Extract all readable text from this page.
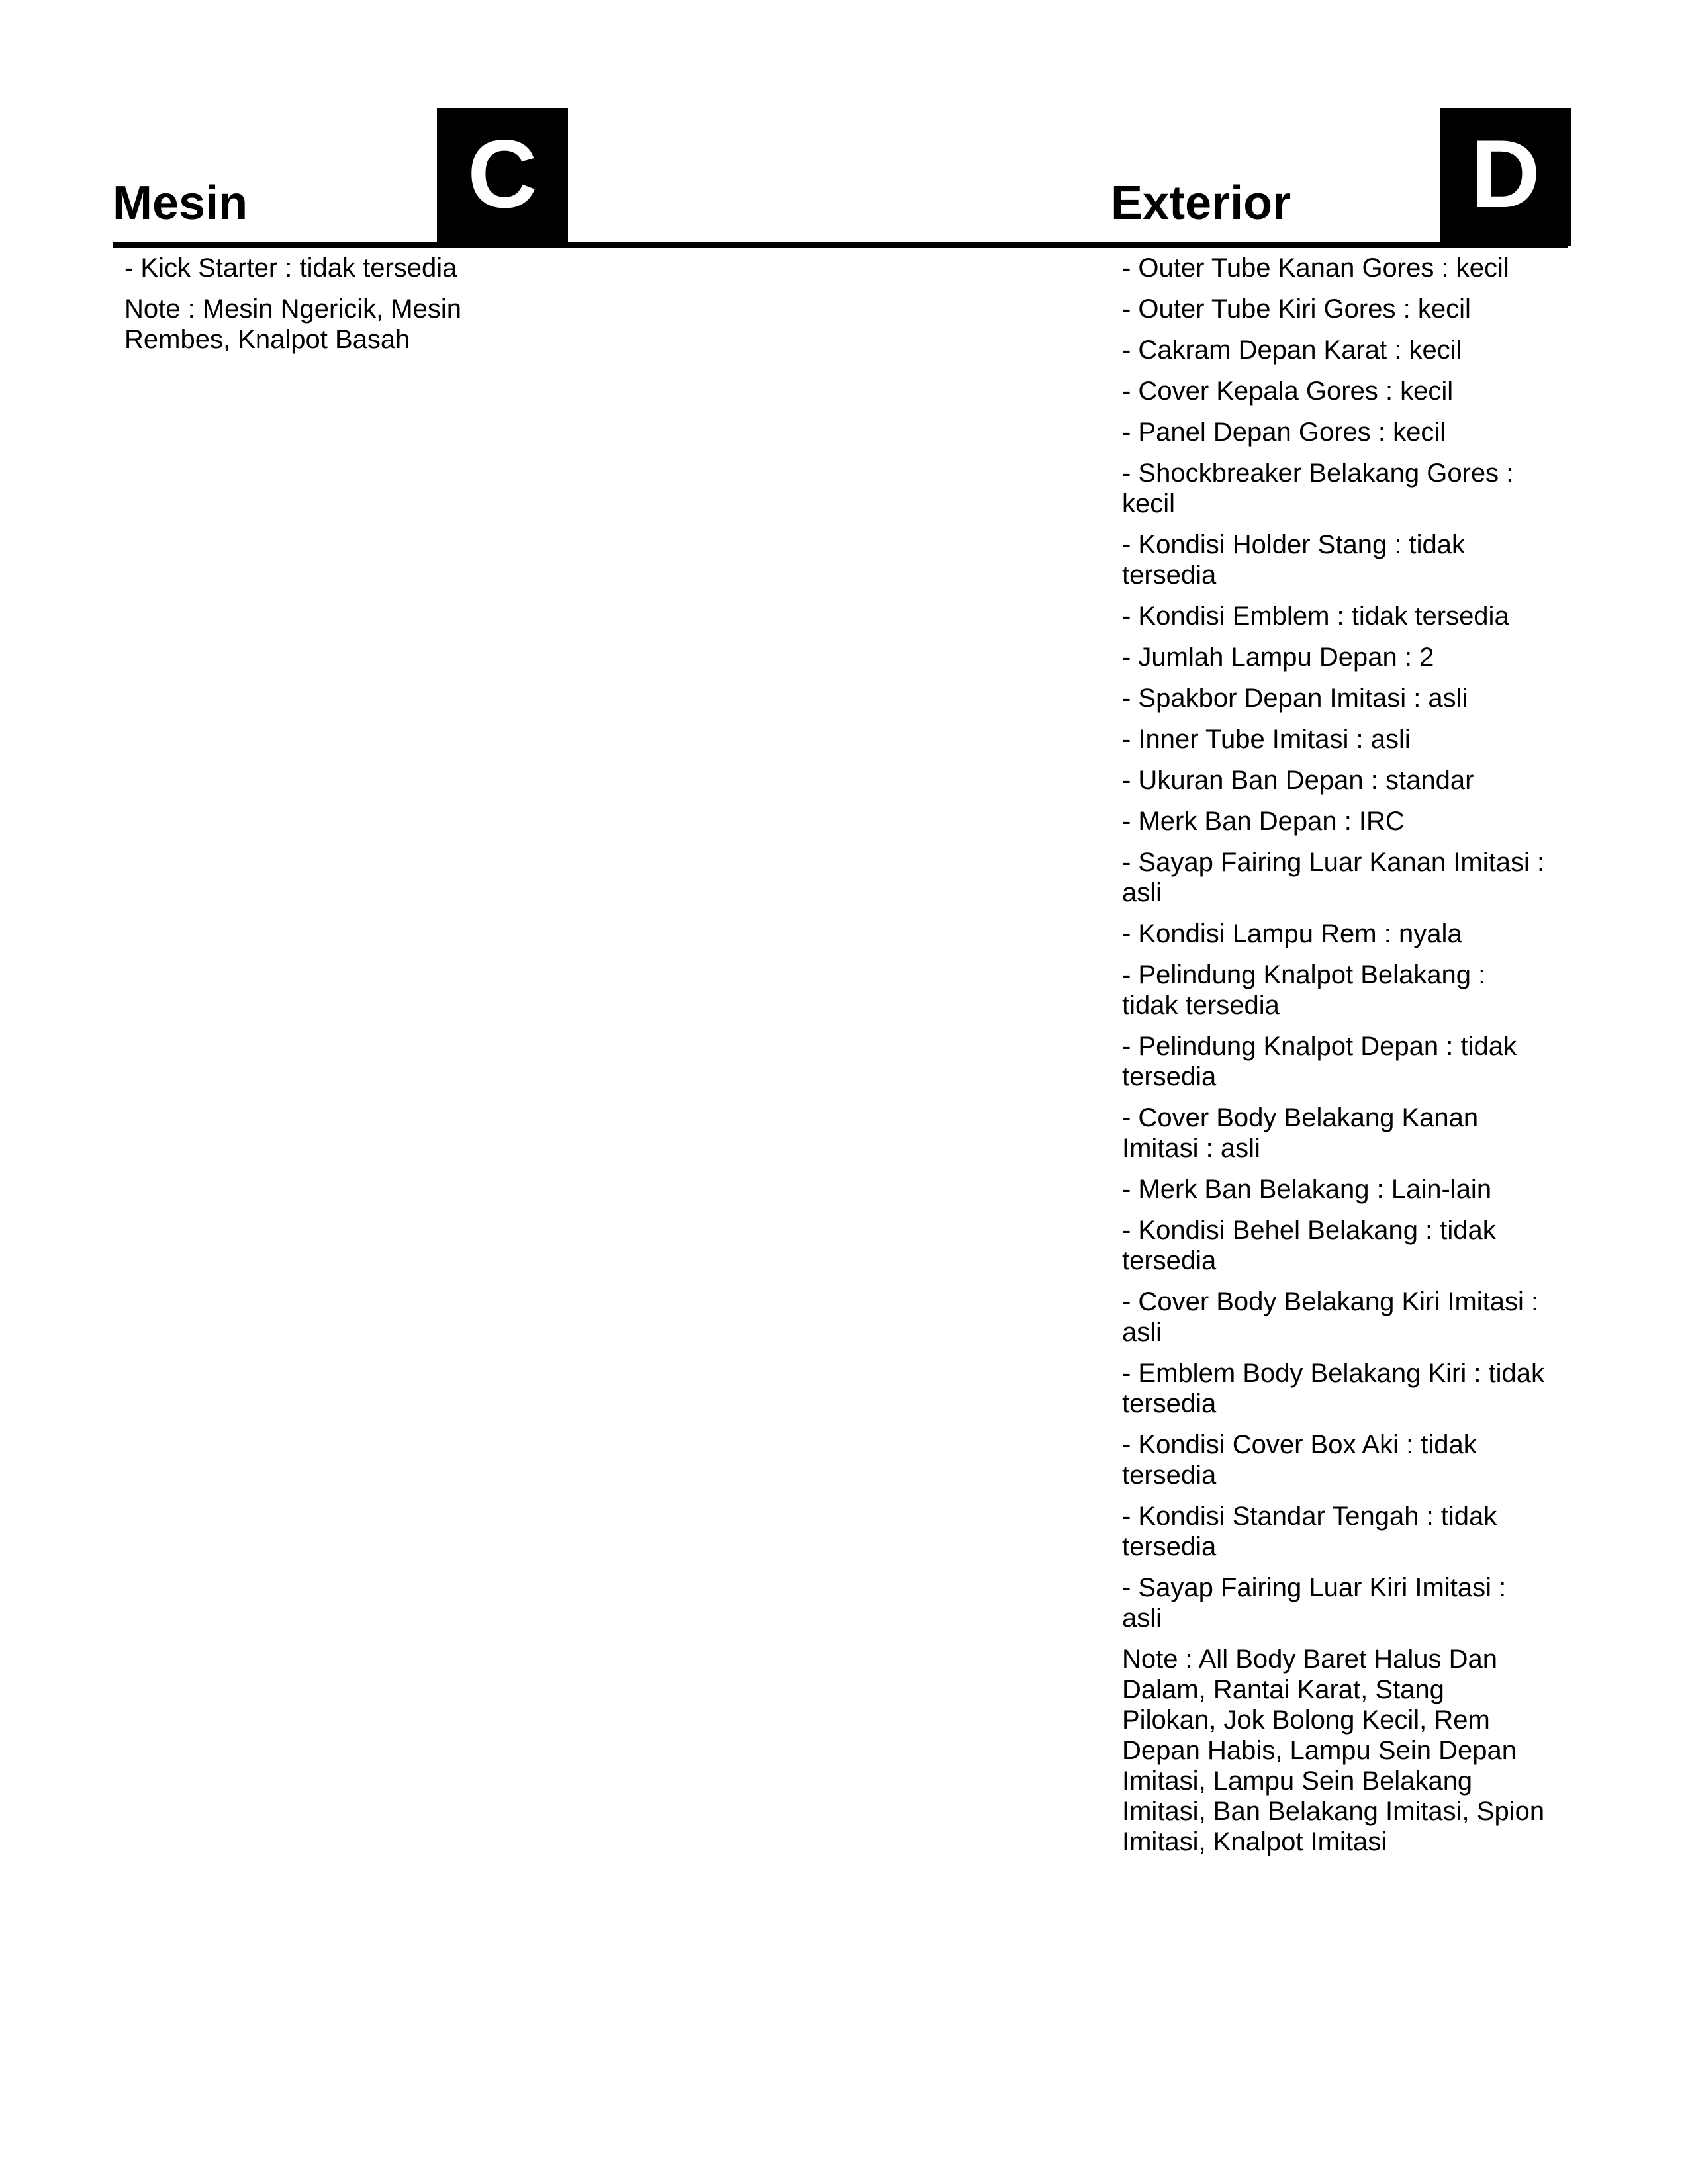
Mesin	C

- Kick Starter : tidak tersedia

Note : Mesin Ngericik, Mesin Rembes, Knalpot Basah

Exterior	D

- Outer Tube Kanan Gores : kecil

- Outer Tube Kiri Gores : kecil

- Cakram Depan Karat : kecil

- Cover Kepala Gores : kecil

- Panel Depan Gores : kecil

- Shockbreaker Belakang Gores : kecil

- Kondisi Holder Stang : tidak tersedia

- Kondisi Emblem : tidak tersedia

- Jumlah Lampu Depan : 2

- Spakbor Depan Imitasi : asli

- Inner Tube Imitasi : asli

- Ukuran Ban Depan : standar

- Merk Ban Depan : IRC

- Sayap Fairing Luar Kanan Imitasi : asli

- Kondisi Lampu Rem : nyala

- Pelindung Knalpot Belakang : tidak tersedia

- Pelindung Knalpot Depan : tidak tersedia

- Cover Body Belakang Kanan Imitasi : asli

- Merk Ban Belakang : Lain-lain

- Kondisi Behel Belakang : tidak tersedia

- Cover Body Belakang Kiri Imitasi : asli

- Emblem Body Belakang Kiri : tidak tersedia

- Kondisi Cover Box Aki : tidak tersedia

- Kondisi Standar Tengah : tidak tersedia

- Sayap Fairing Luar Kiri Imitasi : asli

Note : All Body Baret Halus Dan Dalam, Rantai Karat, Stang Pilokan, Jok Bolong Kecil, Rem Depan Habis, Lampu Sein Depan Imitasi, Lampu Sein Belakang Imitasi, Ban Belakang Imitasi, Spion Imitasi, Knalpot Imitasi
